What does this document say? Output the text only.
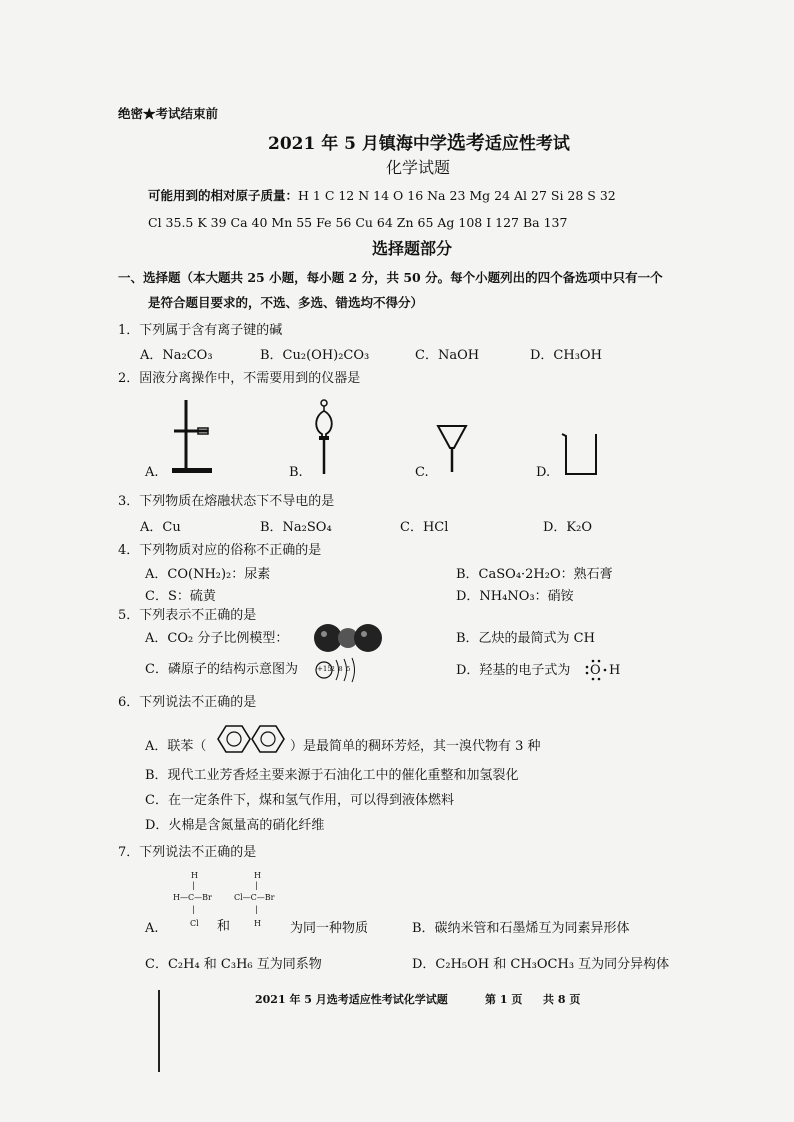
绝密★考试结束前
2021 年 5 月镇海中学选考适应性考试
化学试题
可能用到的相对原子质量：H 1 C 12 N 14 O 16 Na 23 Mg 24 Al 27 Si 28 S 32
Cl 35.5 K 39 Ca 40 Mn 55 Fe 56 Cu 64 Zn 65 Ag 108 I 127 Ba 137
选择题部分
一、选择题（本大题共 25 小题，每小题 2 分，共 50 分。每个小题列出的四个备选项中只有一个
是符合题目要求的，不选、多选、错选均不得分）
1．下列属于含有离子键的碱
A．Na₂CO₃	B．Cu₂(OH)₂CO₃	C．NaOH	D．CH₃OH
2．固液分离操作中，不需要用到的仪器是
A.	B.	C.	D.
3．下列物质在熔融状态下不导电的是
A．Cu	B．Na₂SO₄	C．HCl	D．K₂O
4．下列物质对应的俗称不正确的是
A．CO(NH₂)₂：尿素	B．CaSO₄·2H₂O：熟石膏
C．S：硫黄	D．NH₄NO₃：硝铵
5．下列表示不正确的是
A．CO₂ 分子比例模型：	B．乙炔的最简式为 CH
C．磷原子的结构示意图为	+15 2 8 5	D．羟基的电子式为 O H
6．下列说法不正确的是
A．联苯（	）是最简单的稠环芳烃，其一溴代物有 3 种
B．现代工业芳香烃主要来源于石油化工中的催化重整和加氢裂化
C．在一定条件下，煤和氢气作用，可以得到液体燃料
D．火棉是含氮量高的硝化纤维
7．下列说法不正确的是
H
|
H—C—Br
|
Cl
H
|
Cl—C—Br
|
H
A.	和	为同一种物质	B．碳纳米管和石墨烯互为同素异形体
C．C₂H₄ 和 C₃H₆ 互为同系物	D．C₂H₅OH 和 CH₃OCH₃ 互为同分异构体
2021 年 5 月选考适应性考试化学试题	第 1 页 共 8 页
